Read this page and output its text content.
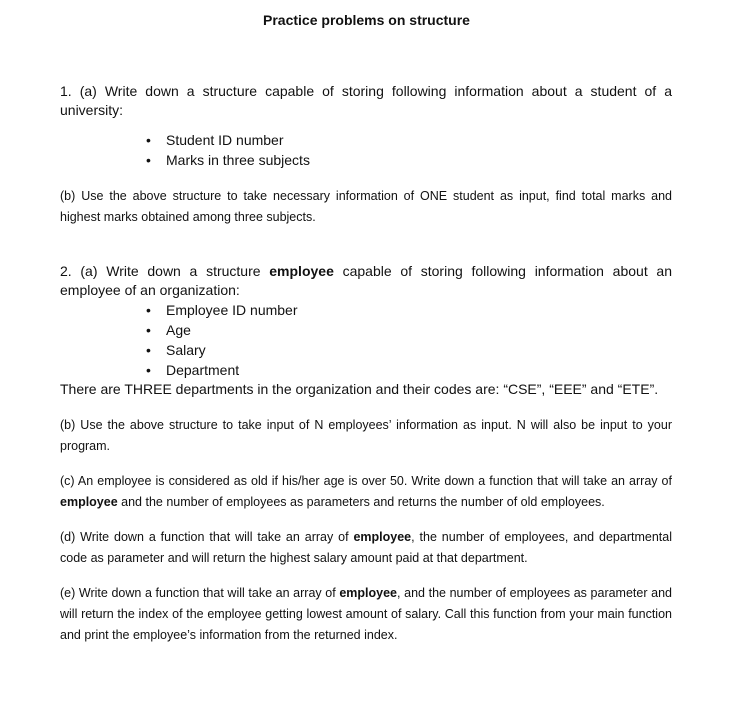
Practice problems on structure

1. (a) Write down a structure capable of storing following information about a student of a university:

• Student ID number
• Marks in three subjects

(b) Use the above structure to take necessary information of ONE student as input, find total marks and highest marks obtained among three subjects.

2. (a) Write down a structure employee capable of storing following information about an employee of an organization:

• Employee ID number
• Age
• Salary
• Department

There are THREE departments in the organization and their codes are: “CSE”, “EEE” and “ETE”.

(b) Use the above structure to take input of N employees’ information as input. N will also be input to your program.

(c) An employee is considered as old if his/her age is over 50. Write down a function that will take an array of employee and the number of employees as parameters and returns the number of old employees.

(d) Write down a function that will take an array of employee, the number of employees, and departmental code as parameter and will return the highest salary amount paid at that department.

(e) Write down a function that will take an array of employee, and the number of employees as parameter and will return the index of the employee getting lowest amount of salary. Call this function from your main function and print the employee’s information from the returned index.
